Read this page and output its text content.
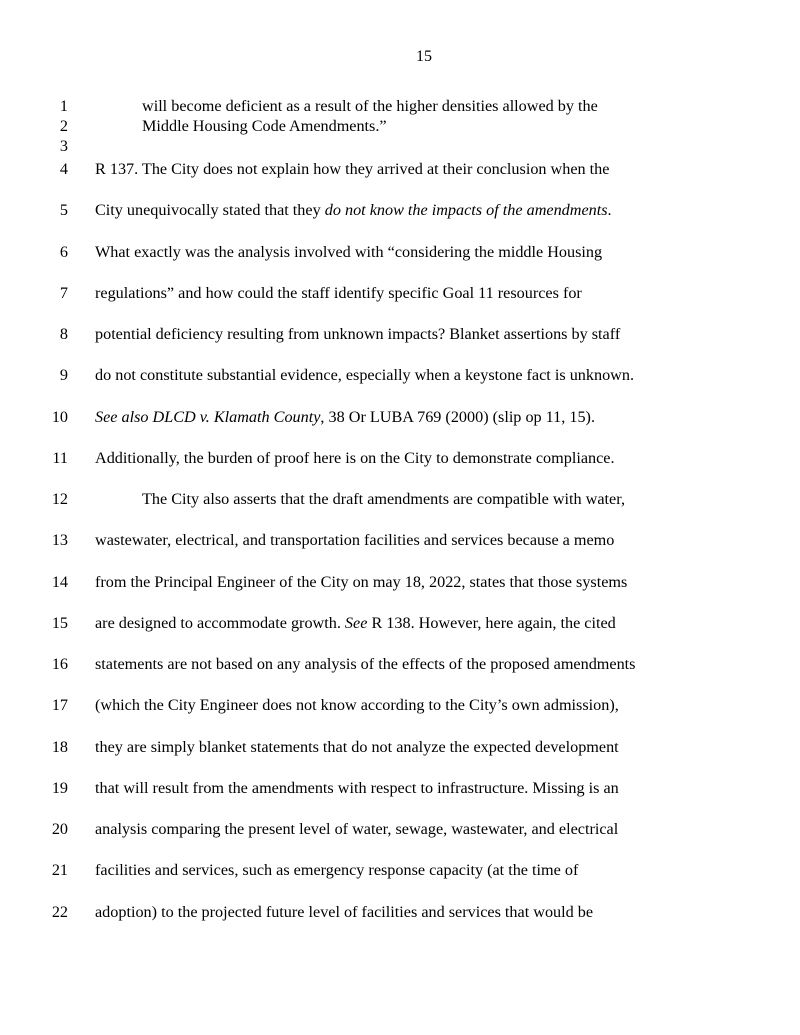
15
1	will become deficient as a result of the higher densities allowed by the
2	Middle Housing Code Amendments.”
3
4 R 137. The City does not explain how they arrived at their conclusion when the
5 City unequivocally stated that they do not know the impacts of the amendments.
6 What exactly was the analysis involved with “considering the middle Housing
7 regulations” and how could the staff identify specific Goal 11 resources for
8 potential deficiency resulting from unknown impacts? Blanket assertions by staff
9 do not constitute substantial evidence, especially when a keystone fact is unknown.
10 See also DLCD v. Klamath County, 38 Or LUBA 769 (2000) (slip op 11, 15).
11 Additionally, the burden of proof here is on the City to demonstrate compliance.
12	The City also asserts that the draft amendments are compatible with water,
13 wastewater, electrical, and transportation facilities and services because a memo
14 from the Principal Engineer of the City on may 18, 2022, states that those systems
15 are designed to accommodate growth. See R 138. However, here again, the cited
16 statements are not based on any analysis of the effects of the proposed amendments
17 (which the City Engineer does not know according to the City’s own admission),
18 they are simply blanket statements that do not analyze the expected development
19 that will result from the amendments with respect to infrastructure. Missing is an
20 analysis comparing the present level of water, sewage, wastewater, and electrical
21 facilities and services, such as emergency response capacity (at the time of
22 adoption) to the projected future level of facilities and services that would be
